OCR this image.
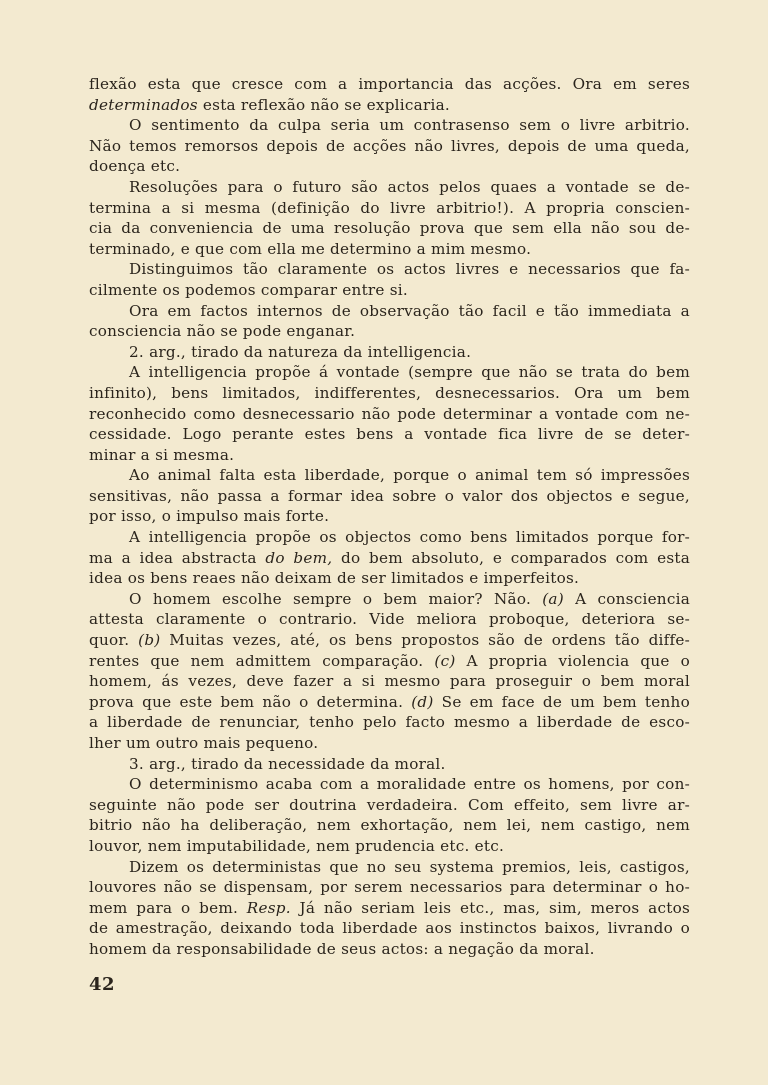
flexão esta que cresce com a importancia das acções. Ora em seres
determinados esta reflexão não se explicaria.
O sentimento da culpa seria um contrasenso sem o livre arbitrio.
Não temos remorsos depois de acções não livres, depois de uma queda,
doença etc.
Resoluções para o futuro são actos pelos quaes a vontade se de-
termina a si mesma (definição do livre arbitrio!). A propria conscien-
cia da conveniencia de uma resolução prova que sem ella não sou de-
terminado, e que com ella me determino a mim mesmo.
Distinguimos tão claramente os actos livres e necessarios que fa-
cilmente os podemos comparar entre si.
Ora em factos internos de observação tão facil e tão immediata a
consciencia não se pode enganar.
2. arg., tirado da natureza da intelligencia.
A intelligencia propõe á vontade (sempre que não se trata do bem
infinito), bens limitados, indifferentes, desnecessarios. Ora um bem
reconhecido como desnecessario não pode determinar a vontade com ne-
cessidade. Logo perante estes bens a vontade fica livre de se deter-
minar a si mesma.
Ao animal falta esta liberdade, porque o animal tem só impressões
sensitivas, não passa a formar idea sobre o valor dos objectos e segue,
por isso, o impulso mais forte.
A intelligencia propõe os objectos como bens limitados porque for-
ma a idea abstracta do bem, do bem absoluto, e comparados com esta
idea os bens reaes não deixam de ser limitados e imperfeitos.
O homem escolhe sempre o bem maior? Não. (a) A consciencia
attesta claramente o contrario. Vide meliora proboque, deteriora se-
quor. (b) Muitas vezes, até, os bens propostos são de ordens tão diffe-
rentes que nem admittem comparação. (c) A propria violencia que o
homem, ás vezes, deve fazer a si mesmo para proseguir o bem moral
prova que este bem não o determina. (d) Se em face de um bem tenho
a liberdade de renunciar, tenho pelo facto mesmo a liberdade de esco-
lher um outro mais pequeno.
3. arg., tirado da necessidade da moral.
O determinismo acaba com a moralidade entre os homens, por con-
seguinte não pode ser doutrina verdadeira. Com effeito, sem livre ar-
bitrio não ha deliberação, nem exhortação, nem lei, nem castigo, nem
louvor, nem imputabilidade, nem prudencia etc. etc.
Dizem os deterministas que no seu systema premios, leis, castigos,
louvores não se dispensam, por serem necessarios para determinar o ho-
mem para o bem. Resp. Já não seriam leis etc., mas, sim, meros actos
de amestração, deixando toda liberdade aos instinctos baixos, livrando o
homem da responsabilidade de seus actos: a negação da moral.
42
